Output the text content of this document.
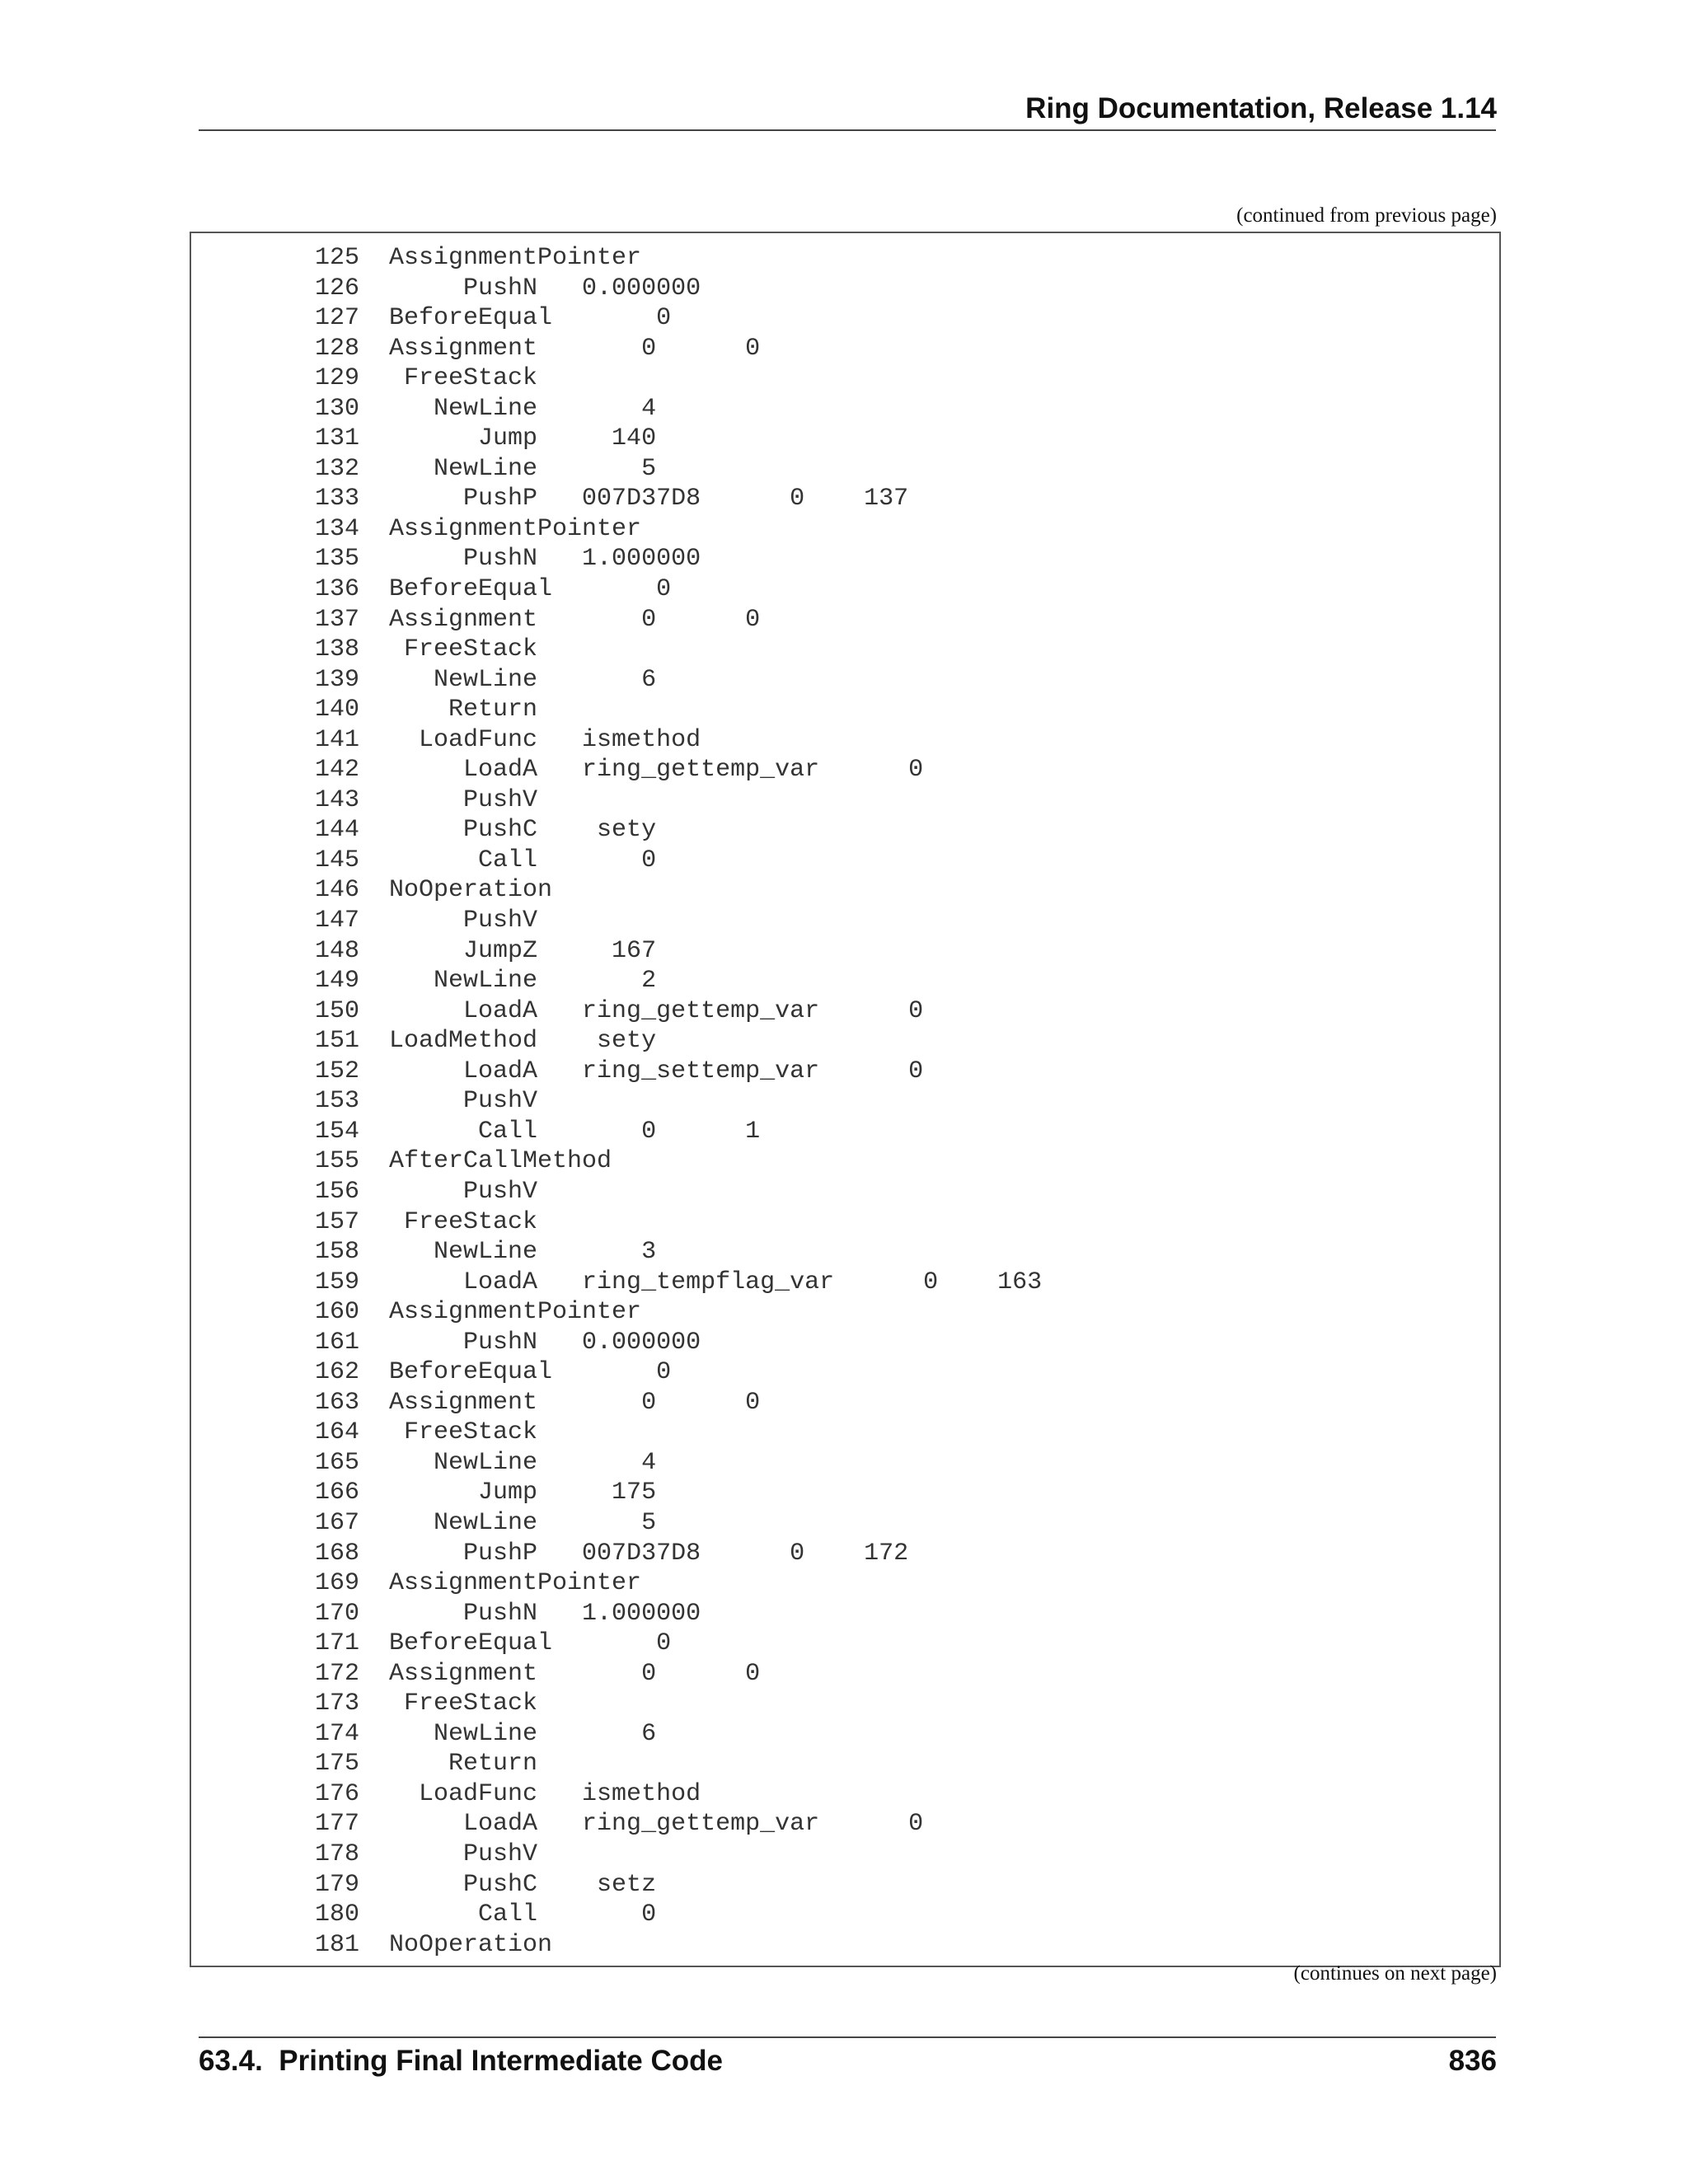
Ring Documentation, Release 1.14
(continued from previous page)
125  AssignmentPointer
126       PushN   0.000000
127  BeforeEqual       0
128  Assignment       0      0
129   FreeStack
130     NewLine       4
131        Jump     140
132     NewLine       5
133       PushP   007D37D8      0    137
134  AssignmentPointer
135       PushN   1.000000
136  BeforeEqual       0
137  Assignment       0      0
138   FreeStack
139     NewLine       6
140      Return
141    LoadFunc   ismethod
142       LoadA   ring_gettemp_var      0
143       PushV
144       PushC    sety
145        Call       0
146  NoOperation
147       PushV
148       JumpZ     167
149     NewLine       2
150       LoadA   ring_gettemp_var      0
151  LoadMethod    sety
152       LoadA   ring_settemp_var      0
153       PushV
154        Call       0      1
155  AfterCallMethod
156       PushV
157   FreeStack
158     NewLine       3
159       LoadA   ring_tempflag_var      0    163
160  AssignmentPointer
161       PushN   0.000000
162  BeforeEqual       0
163  Assignment       0      0
164   FreeStack
165     NewLine       4
166        Jump     175
167     NewLine       5
168       PushP   007D37D8      0    172
169  AssignmentPointer
170       PushN   1.000000
171  BeforeEqual       0
172  Assignment       0      0
173   FreeStack
174     NewLine       6
175      Return
176    LoadFunc   ismethod
177       LoadA   ring_gettemp_var      0
178       PushV
179       PushC    setz
180        Call       0
181  NoOperation
(continues on next page)
63.4.  Printing Final Intermediate Code	836
